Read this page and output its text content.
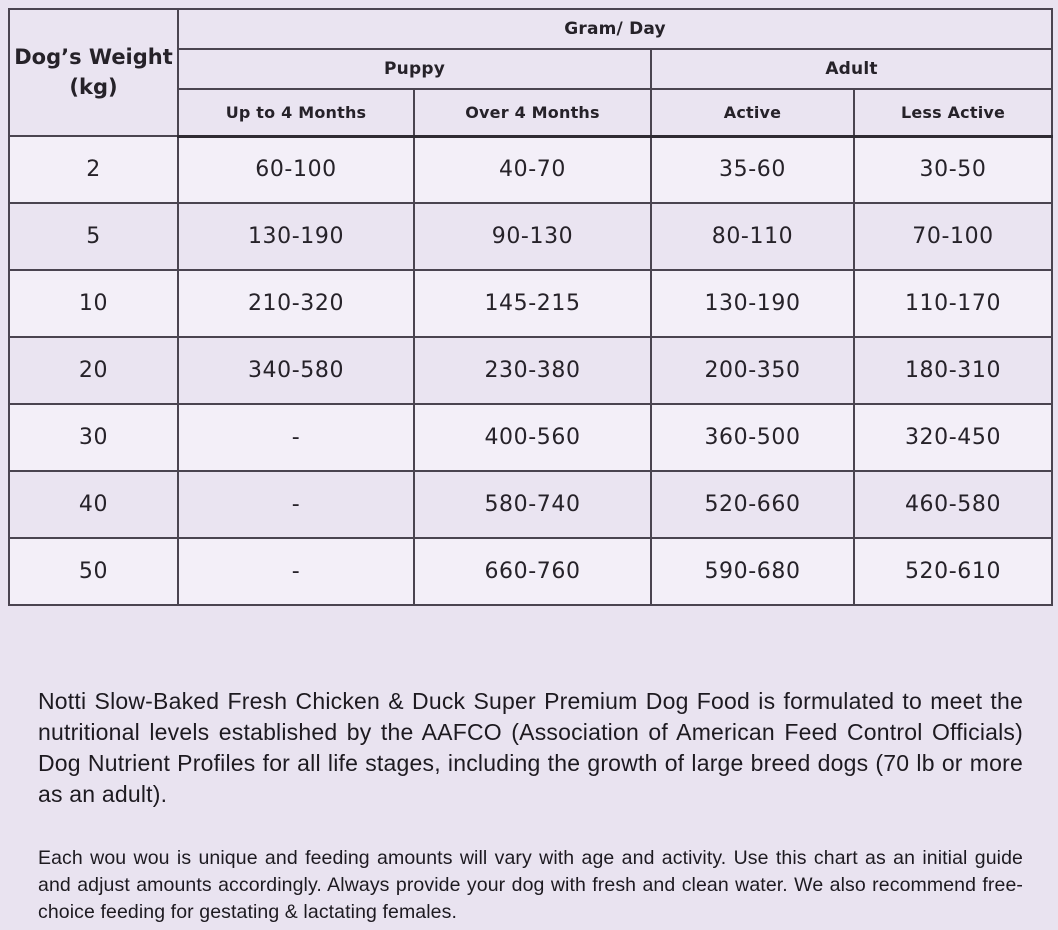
Dog’s Weight (kg)	Gram/ Day			
	Puppy		Adult	
	Up to 4 Months	Over 4 Months	Active	Less Active
2	60-100	40-70	35-60	30-50
5	130-190	90-130	80-110	70-100
10	210-320	145-215	130-190	110-170
20	340-580	230-380	200-350	180-310
30	-	400-560	360-500	320-450
40	-	580-740	520-660	460-580
50	-	660-760	590-680	520-610

Notti Slow-Baked Fresh Chicken & Duck Super Premium Dog Food is formulated to meet the nutritional levels established by the AAFCO (Association of American Feed Control Officials) Dog Nutrient Profiles for all life stages, including the growth of large breed dogs (70 lb or more as an adult).

Each wou wou is unique and feeding amounts will vary with age and activity. Use this chart as an initial guide and adjust amounts accordingly. Always provide your dog with fresh and clean water. We also recommend free-choice feeding for gestating & lactating females.
